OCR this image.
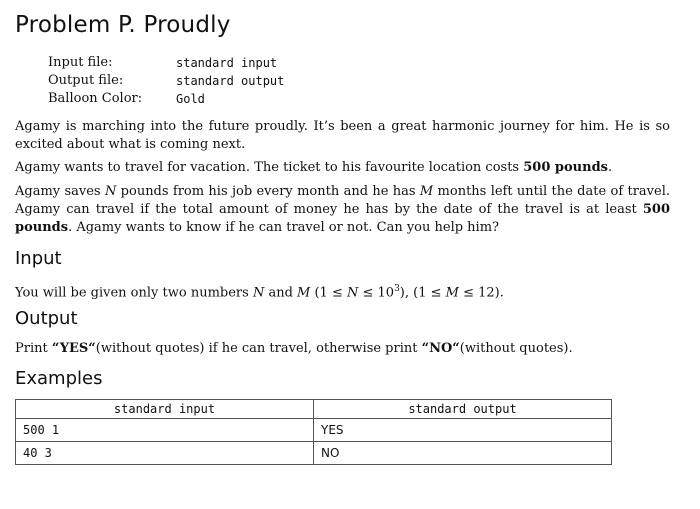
Problem P. Proudly
Input file:	standard input
Output file:	standard output
Balloon Color:	Gold

Agamy is marching into the future proudly. It’s been a great harmonic journey for him. He is so excited about what is coming next.

Agamy wants to travel for vacation. The ticket to his favourite location costs 500 pounds.

Agamy saves N pounds from his job every month and he has M months left until the date of travel. Agamy can travel if the total amount of money he has by the date of the travel is at least 500 pounds. Agamy wants to know if he can travel or not. Can you help him?

Input

You will be given only two numbers N and M $(1 \le N \le 10^3)$, (1 ≤ M ≤ 12).

Output

Print “YES“(without quotes) if he can travel, otherwise print “NO“(without quotes).

Examples
standard input	standard output
500 1	YES
40 3	NO
